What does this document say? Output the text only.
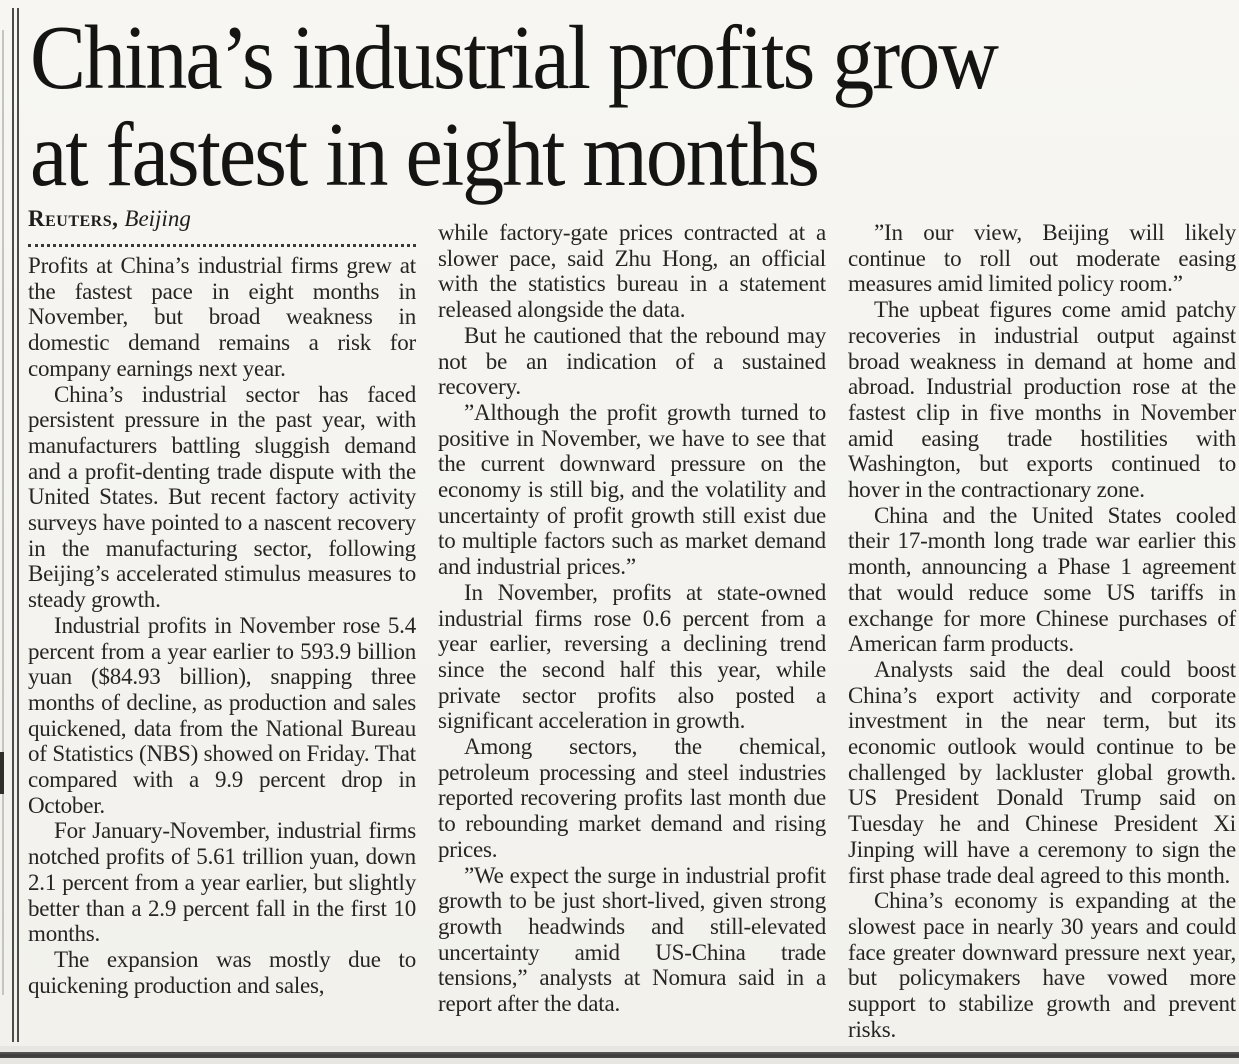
China’s industrial profits grow
at fastest in eight months
Reuters, Beijing

Profits at China’s industrial firms grew at the fastest pace in eight months in November, but broad weakness in domestic demand remains a risk for company earnings next year.

China’s industrial sector has faced persistent pressure in the past year, with manufacturers battling sluggish demand and a profit-denting trade dispute with the United States. But recent factory activity surveys have pointed to a nascent recovery in the manufacturing sector, following Beijing’s accelerated stimulus measures to steady growth.

Industrial profits in November rose 5.4 percent from a year earlier to 593.9 billion yuan ($84.93 billion), snapping three months of decline, as production and sales quickened, data from the National Bureau of Statistics (NBS) showed on Friday. That compared with a 9.9 percent drop in October.

For January-November, industrial firms notched profits of 5.61 trillion yuan, down 2.1 percent from a year earlier, but slightly better than a 2.9 percent fall in the first 10 months.

The expansion was mostly due to quickening production and sales,

while factory-gate prices contracted at a slower pace, said Zhu Hong, an official with the statistics bureau in a statement released alongside the data.

But he cautioned that the rebound may not be an indication of a sustained recovery.

”Although the profit growth turned to positive in November, we have to see that the current downward pressure on the economy is still big, and the volatility and uncertainty of profit growth still exist due to multiple factors such as market demand and industrial prices.”

In November, profits at state-owned industrial firms rose 0.6 percent from a year earlier, reversing a declining trend since the second half this year, while private sector profits also posted a significant acceleration in growth.

Among sectors, the chemical, petroleum processing and steel industries reported recovering profits last month due to rebounding market demand and rising prices.

”We expect the surge in industrial profit growth to be just short-lived, given strong growth headwinds and still-elevated uncertainty amid US-China trade tensions,” analysts at Nomura said in a report after the data.

”In our view, Beijing will likely continue to roll out moderate easing measures amid limited policy room.”

The upbeat figures come amid patchy recoveries in industrial output against broad weakness in demand at home and abroad. Industrial production rose at the fastest clip in five months in November amid easing trade hostilities with Washington, but exports continued to hover in the contractionary zone.

China and the United States cooled their 17-month long trade war earlier this month, announcing a Phase 1 agreement that would reduce some US tariffs in exchange for more Chinese purchases of American farm products.

Analysts said the deal could boost China’s export activity and corporate investment in the near term, but its economic outlook would continue to be challenged by lackluster global growth. US President Donald Trump said on Tuesday he and Chinese President Xi Jinping will have a ceremony to sign the first phase trade deal agreed to this month.

China’s economy is expanding at the slowest pace in nearly 30 years and could face greater downward pressure next year, but policymakers have vowed more support to stabilize growth and prevent risks.
